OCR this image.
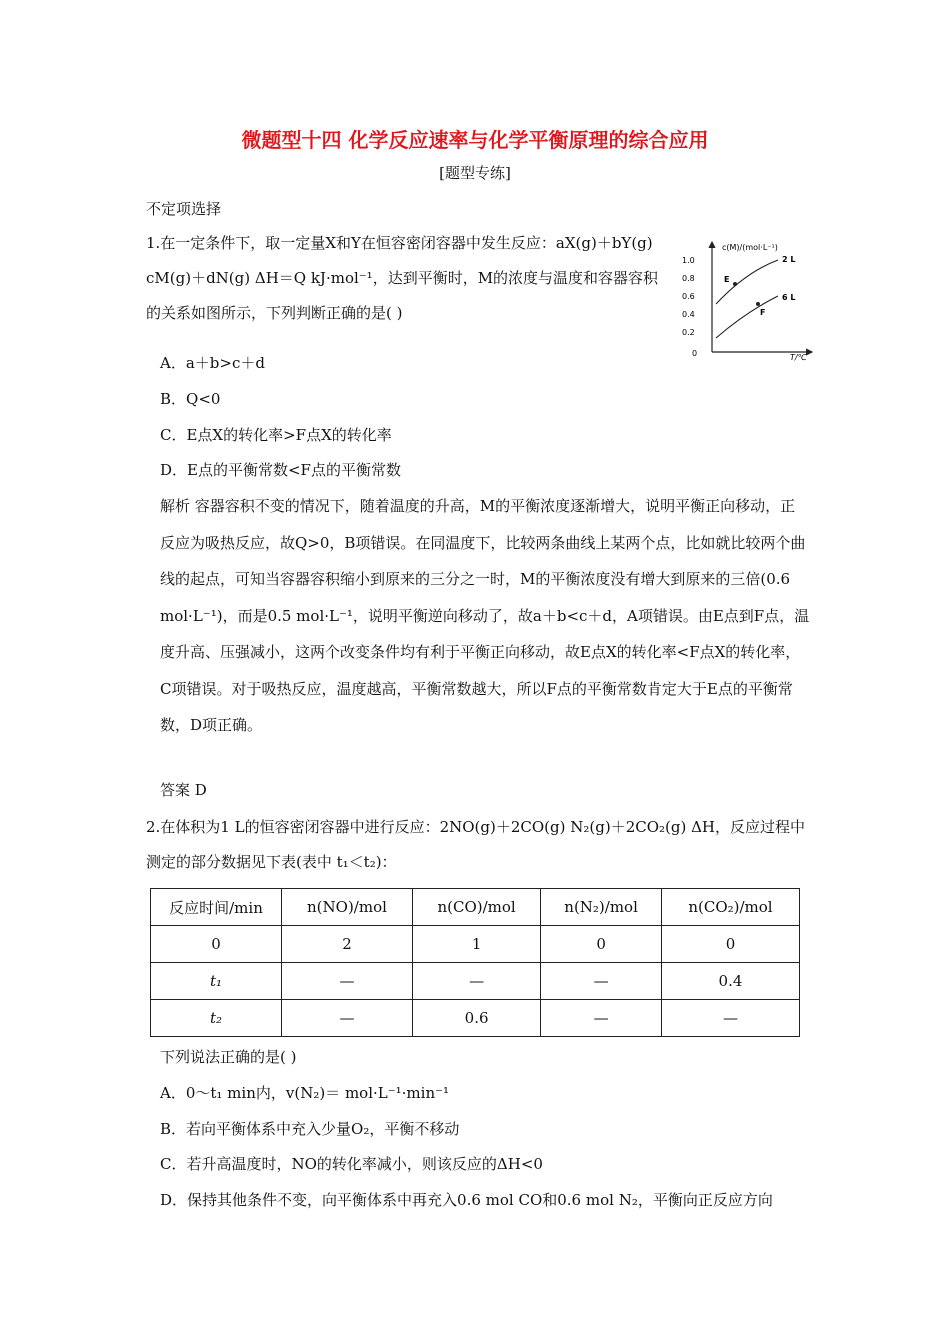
微题型十四 化学反应速率与化学平衡原理的综合应用
[题型专练]
不定项选择
1.在一定条件下，取一定量X和Y在恒容密闭容器中发生反应：aX(g)＋bY(g) cM(g)＋dN(g) ΔH＝Q kJ·mol⁻¹，达到平衡时，M的浓度与温度和容器容积的关系如图所示，下列判断正确的是( )
c(M)/(mol·L⁻¹)
T/℃
0
1.0
0.8
0.6
0.4
0.2
E
F
2 L
6 L
A．a＋b>c＋d
B．Q<0
C．E点X的转化率>F点X的转化率
D．E点的平衡常数<F点的平衡常数
解析 容器容积不变的情况下，随着温度的升高，M的平衡浓度逐渐增大，说明平衡正向移动，正反应为吸热反应，故Q>0，B项错误。在同温度下，比较两条曲线上某两个点，比如就比较两个曲线的起点，可知当容器容积缩小到原来的三分之一时，M的平衡浓度没有增大到原来的三倍(0.6 mol·L⁻¹)，而是0.5 mol·L⁻¹，说明平衡逆向移动了，故a＋b<c＋d，A项错误。由E点到F点，温度升高、压强减小，这两个改变条件均有利于平衡正向移动，故E点X的转化率<F点X的转化率，C项错误。对于吸热反应，温度越高，平衡常数越大，所以F点的平衡常数肯定大于E点的平衡常数，D项正确。
答案 D
2.在体积为1 L的恒容密闭容器中进行反应：2NO(g)＋2CO(g) N₂(g)＋2CO₂(g) ΔH，反应过程中测定的部分数据见下表(表中 t₁＜t₂)：
反应时间/min	n(NO)/mol	n(CO)/mol	n(N₂)/mol	n(CO₂)/mol
0	2	1	0	0
t₁	—	—	—	0.4
t₂	—	0.6	—	—
下列说法正确的是( )
A．0～t₁ min内，v(N₂)＝ mol·L⁻¹·min⁻¹
B．若向平衡体系中充入少量O₂，平衡不移动
C．若升高温度时，NO的转化率减小，则该反应的ΔH<0
D．保持其他条件不变，向平衡体系中再充入0.6 mol CO和0.6 mol N₂，平衡向正反应方向
